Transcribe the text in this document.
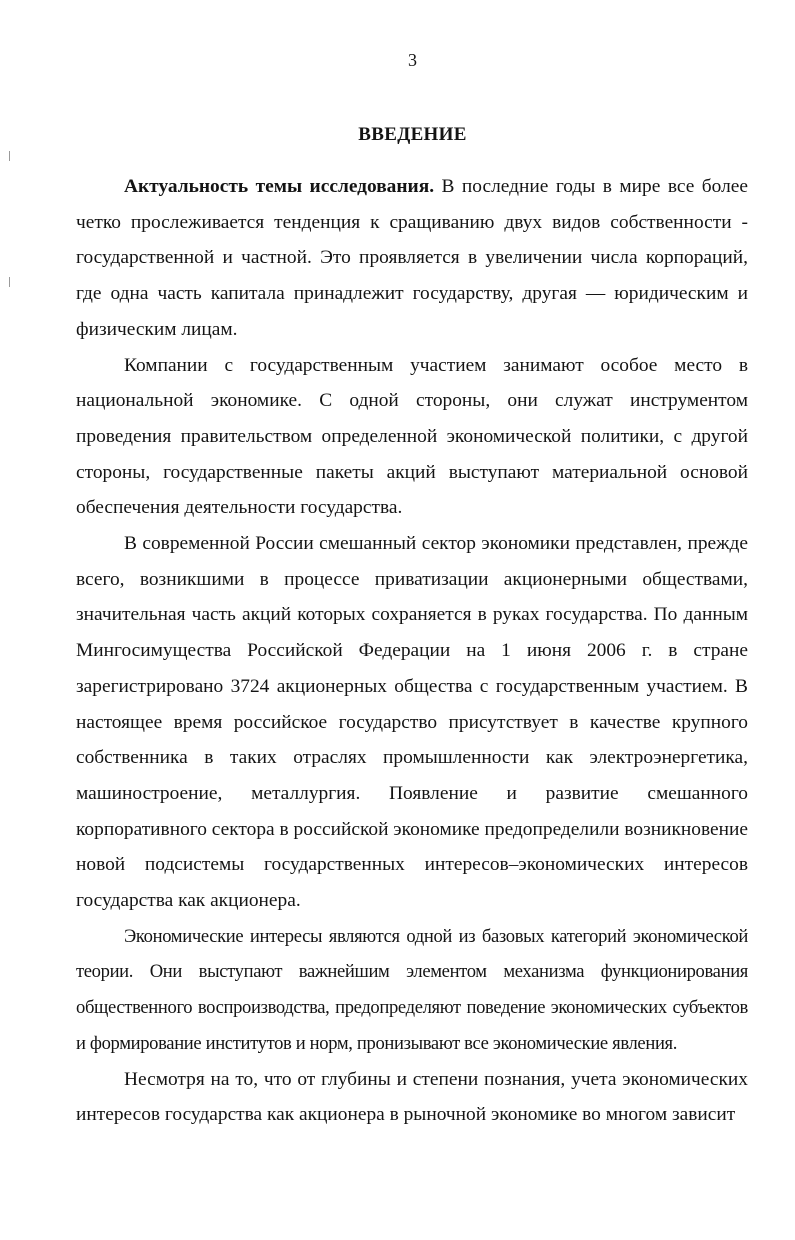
3
ВВЕДЕНИЕ

Актуальность темы исследования. В последние годы в мире все более четко прослеживается тенденция к сращиванию двух видов собственности - государственной и частной. Это проявляется в увеличении числа корпораций, где одна часть капитала принадлежит государству, другая — юридическим и физическим лицам.

Компании с государственным участием занимают особое место в национальной экономике. С одной стороны, они служат инструментом проведения правительством определенной экономической политики, с другой стороны, государственные пакеты акций выступают материальной основой обеспечения деятельности государства.

В современной России смешанный сектор экономики представлен, прежде всего, возникшими в процессе приватизации акционерными обществами, значительная часть акций которых сохраняется в руках государства. По данным Мингосимущества Российской Федерации на 1 июня 2006 г. в стране зарегистрировано 3724 акционерных общества с государственным участием. В настоящее время российское государство присутствует в качестве крупного собственника в таких отраслях промышленности как электроэнергетика, машиностроение, металлургия. Появление и развитие смешанного корпоративного сектора в российской экономике предопределили возникновение новой подсистемы государственных интересов–экономических интересов государства как акционера.

Экономические интересы являются одной из базовых категорий экономической теории. Они выступают важнейшим элементом механизма функционирования общественного воспроизводства, предопределяют поведение экономических субъектов и формирование институтов и норм, пронизывают все экономические явления.

Несмотря на то, что от глубины и степени познания, учета экономических интересов государства как акционера в рыночной экономике во многом зависит
